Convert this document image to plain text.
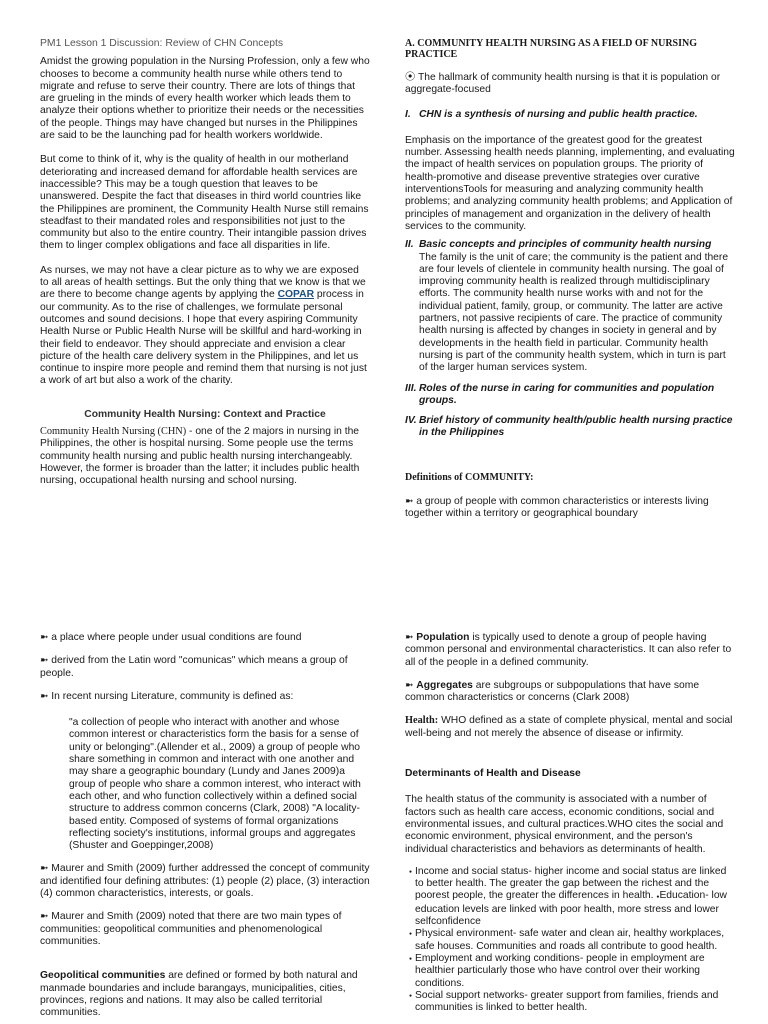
PM1 Lesson 1 Discussion: Review of CHN Concepts

Amidst the growing population in the Nursing Profession, only a few who chooses to become a community health nurse while others tend to migrate and refuse to serve their country. There are lots of things that are grueling in the minds of every health worker which leads them to analyze their options whether to prioritize their needs or the necessities of the people. Things may have changed but nurses in the Philippines are said to be the launching pad for health workers worldwide.

But come to think of it, why is the quality of health in our motherland deteriorating and increased demand for affordable health services are inaccessible? This may be a tough question that leaves to be unanswered. Despite the fact that diseases in third world countries like the Philippines are prominent, the Community Health Nurse still remains steadfast to their mandated roles and responsibilities not just to the community but also to the entire country. Their intangible passion drives them to linger complex obligations and face all disparities in life.

As nurses, we may not have a clear picture as to why we are exposed to all areas of health settings. But the only thing that we know is that we are there to become change agents by applying the COPAR process in our community. As to the rise of challenges, we formulate personal outcomes and sound decisions. I hope that every aspiring Community Health Nurse or Public Health Nurse will be skillful and hard-working in their field to endeavor. They should appreciate and envision a clear picture of the health care delivery system in the Philippines, and let us continue to inspire more people and remind them that nursing is not just a work of art but also a work of the charity.

Community Health Nursing: Context and Practice

Community Health Nursing (CHN) - one of the 2 majors in nursing in the Philippines, the other is hospital nursing. Some people use the terms community health nursing and public health nursing interchangeably. However, the former is broader than the latter; it includes public health nursing, occupational health nursing and school nursing.

A. COMMUNITY HEALTH NURSING AS A FIELD OF NURSING PRACTICE

⦿ The hallmark of community health nursing is that it is population or aggregate-focused

I. CHN is a synthesis of nursing and public health practice.

Emphasis on the importance of the greatest good for the greatest number. Assessing health needs planning, implementing, and evaluating the impact of health services on population groups. The priority of health-promotive and disease preventive strategies over curative interventionsTools for measuring and analyzing community health problems; and analyzing community health problems; and Application of principles of management and organization in the delivery of health services to the community.

II. Basic concepts and principles of community health nursing

The family is the unit of care; the community is the patient and there are four levels of clientele in community health nursing. The goal of improving community health is realized through multidisciplinary efforts. The community health nurse works with and not for the individual patient, family, group, or community. The latter are active partners, not passive recipients of care. The practice of community health nursing is affected by changes in society in general and by developments in the health field in particular. Community health nursing is part of the community health system, which in turn is part of the larger human services system.

III. Roles of the nurse in caring for communities and population groups.

IV. Brief history of community health/public health nursing practice in the Philippines

Definitions of COMMUNITY:

➼ a group of people with common characteristics or interests living together within a territory or geographical boundary

➼ a place where people under usual conditions are found

➼ derived from the Latin word "comunicas" which means a group of people.

➼ In recent nursing Literature, community is defined as:

"a collection of people who interact with another and whose common interest or characteristics form the basis for a sense of unity or belonging".(Allender et al., 2009) a group of people who share something in common and interact with one another and may share a geographic boundary (Lundy and Janes 2009)a group of people who share a common interest, who interact with each other, and who function collectively within a defined social structure to address common concerns (Clark, 2008) "A locality-based entity. Composed of systems of formal organizations reflecting society's institutions, informal groups and aggregates (Shuster and Goeppinger,2008)

➼ Maurer and Smith (2009) further addressed the concept of community and identified four defining attributes: (1) people (2) place, (3) interaction (4) common characteristics, interests, or goals.

➼ Maurer and Smith (2009) noted that there are two main types of communities: geopolitical communities and phenomenological communities.

Geopolitical communities are defined or formed by both natural and manmade boundaries and include barangays, municipalities, cities, provinces, regions and nations. It may also be called territorial communities.

➼ Population is typically used to denote a group of people having common personal and environmental characteristics. It can also refer to all of the people in a defined community.

➼ Aggregates are subgroups or subpopulations that have some common characteristics or concerns (Clark 2008)

Health: WHO defined as a state of complete physical, mental and social well-being and not merely the absence of disease or infirmity.

Determinants of Health and Disease

The health status of the community is associated with a number of factors such as health care access, economic conditions, social and environmental issues, and cultural practices.WHO cites the social and economic environment, physical environment, and the person's individual characteristics and behaviors as determinants of health.

● Income and social status- higher income and social status are linked to better health. The greater the gap between the richest and the poorest people, the greater the differences in health. ●Education- low education levels are linked with poor health, more stress and lower selfconfidence

● Physical environment- safe water and clean air, healthy workplaces, safe houses. Communities and roads all contribute to good health.

● Employment and working conditions- people in employment are healthier particularly those who have control over their working conditions.

● Social support networks- greater support from families, friends and communities is linked to better health.
